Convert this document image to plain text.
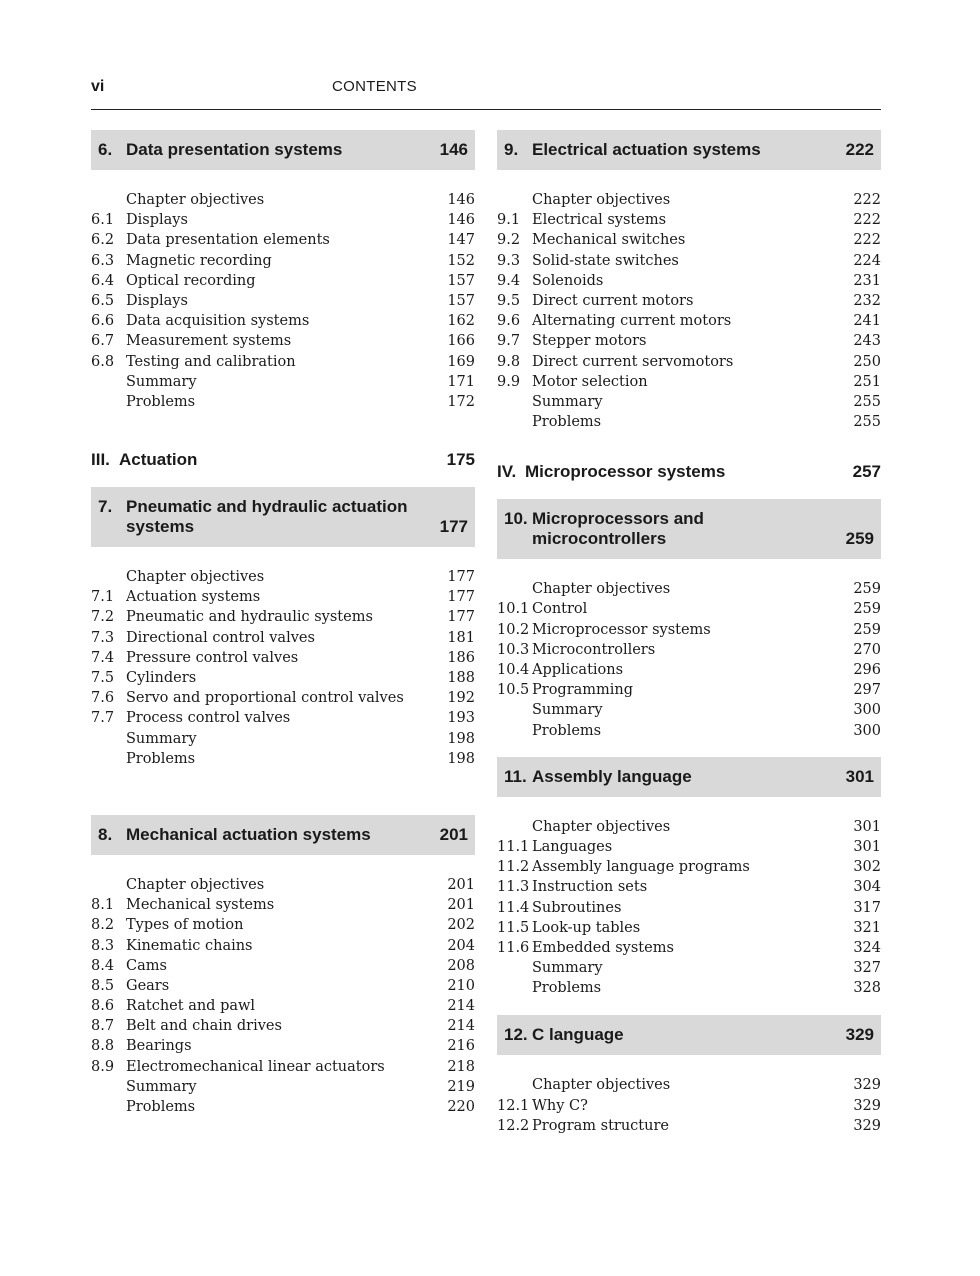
vi	CONTENTS
6. Data presentation systems	146
Chapter objectives	146
6.1 Displays	146
6.2 Data presentation elements	147
6.3 Magnetic recording	152
6.4 Optical recording	157
6.5 Displays	157
6.6 Data acquisition systems	162
6.7 Measurement systems	166
6.8 Testing and calibration	169
Summary	171
Problems	172
III. Actuation	175
7. Pneumatic and hydraulic actuation systems	177
Chapter objectives	177
7.1 Actuation systems	177
7.2 Pneumatic and hydraulic systems	177
7.3 Directional control valves	181
7.4 Pressure control valves	186
7.5 Cylinders	188
7.6 Servo and proportional control valves	192
7.7 Process control valves	193
Summary	198
Problems	198
8. Mechanical actuation systems	201
Chapter objectives	201
8.1 Mechanical systems	201
8.2 Types of motion	202
8.3 Kinematic chains	204
8.4 Cams	208
8.5 Gears	210
8.6 Ratchet and pawl	214
8.7 Belt and chain drives	214
8.8 Bearings	216
8.9 Electromechanical linear actuators	218
Summary	219
Problems	220
9. Electrical actuation systems	222
Chapter objectives	222
9.1 Electrical systems	222
9.2 Mechanical switches	222
9.3 Solid-state switches	224
9.4 Solenoids	231
9.5 Direct current motors	232
9.6 Alternating current motors	241
9.7 Stepper motors	243
9.8 Direct current servomotors	250
9.9 Motor selection	251
Summary	255
Problems	255
IV. Microprocessor systems	257
10. Microprocessors and microcontrollers	259
Chapter objectives	259
10.1 Control	259
10.2 Microprocessor systems	259
10.3 Microcontrollers	270
10.4 Applications	296
10.5 Programming	297
Summary	300
Problems	300
11. Assembly language	301
Chapter objectives	301
11.1 Languages	301
11.2 Assembly language programs	302
11.3 Instruction sets	304
11.4 Subroutines	317
11.5 Look-up tables	321
11.6 Embedded systems	324
Summary	327
Problems	328
12. C language	329
Chapter objectives	329
12.1 Why C?	329
12.2 Program structure	329
